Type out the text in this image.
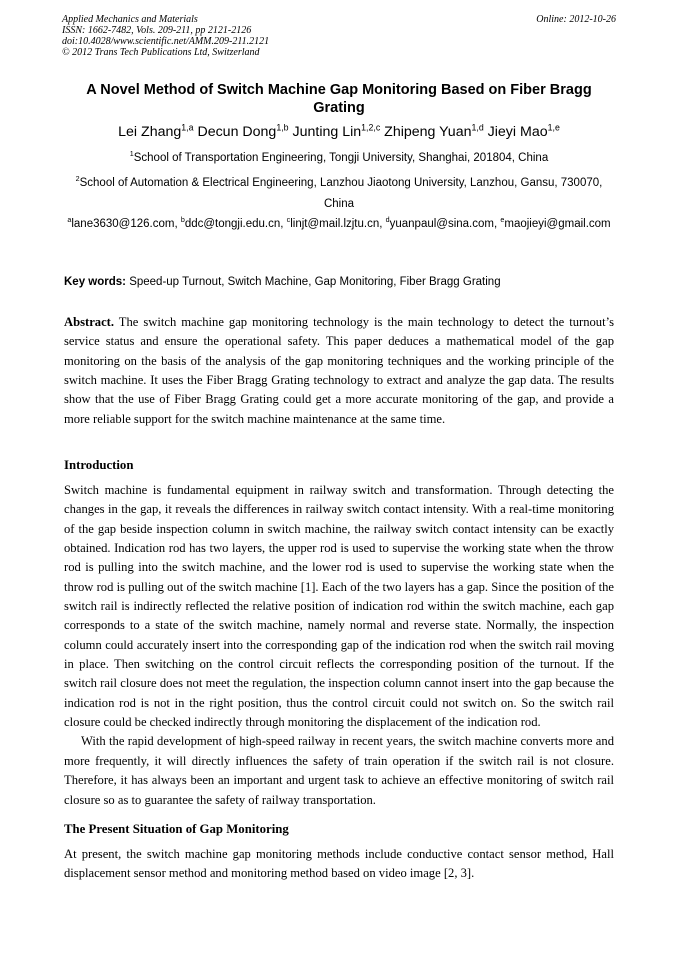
Applied Mechanics and Materials
ISSN: 1662-7482, Vols. 209-211, pp 2121-2126
doi:10.4028/www.scientific.net/AMM.209-211.2121
© 2012 Trans Tech Publications Ltd, Switzerland
Online: 2012-10-26
A Novel Method of Switch Machine Gap Monitoring Based on Fiber Bragg Grating
Lei Zhang$^{1,a}$ Decun Dong$^{1,b}$ Junting Lin$^{1,2,c}$ Zhipeng Yuan$^{1,d}$ Jieyi Mao$^{1,e}$
$^1$School of Transportation Engineering, Tongji University, Shanghai, 201804, China
$^2$School of Automation & Electrical Engineering, Lanzhou Jiaotong University, Lanzhou, Gansu, 730070, China
$^a$lane3630@126.com, $^b$ddc@tongji.edu.cn, $^c$linjt@mail.lzjtu.cn, $^d$yuanpaul@sina.com, $^e$maojieyi@gmail.com
Key words: Speed-up Turnout, Switch Machine, Gap Monitoring, Fiber Bragg Grating
Abstract. The switch machine gap monitoring technology is the main technology to detect the turnout’s service status and ensure the operational safety. This paper deduces a mathematical model of the gap monitoring on the basis of the analysis of the gap monitoring techniques and the working principle of the switch machine. It uses the Fiber Bragg Grating technology to extract and analyze the gap data. The results show that the use of Fiber Bragg Grating could get a more accurate monitoring of the gap, and provide a more reliable support for the switch machine maintenance at the same time.
Introduction
Switch machine is fundamental equipment in railway switch and transformation. Through detecting the changes in the gap, it reveals the differences in railway switch contact intensity. With a real-time monitoring of the gap beside inspection column in switch machine, the railway switch contact intensity can be exactly obtained. Indication rod has two layers, the upper rod is used to supervise the working state when the throw rod is pulling into the switch machine, and the lower rod is used to supervise the working state when the throw rod is pulling out of the switch machine [1]. Each of the two layers has a gap. Since the position of the switch rail is indirectly reflected the relative position of indication rod within the switch machine, each gap corresponds to a state of the switch machine, namely normal and reverse state. Normally, the inspection column could accurately insert into the corresponding gap of the indication rod when the switch rail moving in place. Then switching on the control circuit reflects the corresponding position of the turnout. If the switch rail closure does not meet the regulation, the inspection column cannot insert into the gap because the indication rod is not in the right position, thus the control circuit could not switch on. So the switch rail closure could be checked indirectly through monitoring the displacement of the indication rod.
With the rapid development of high-speed railway in recent years, the switch machine converts more and more frequently, it will directly influences the safety of train operation if the switch rail is not closure. Therefore, it has always been an important and urgent task to achieve an effective monitoring of switch rail closure so as to guarantee the safety of railway transportation.
The Present Situation of Gap Monitoring
At present, the switch machine gap monitoring methods include conductive contact sensor method, Hall displacement sensor method and monitoring method based on video image [2, 3].
